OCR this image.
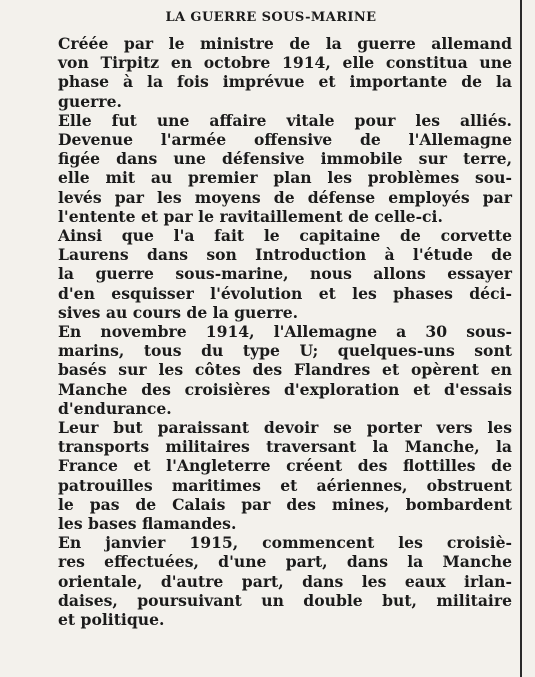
LA GUERRE SOUS-MARINE

Créée par le ministre de la guerre allemand
von Tirpitz en octobre 1914, elle constitua une
phase à la fois imprévue et importante de la
guerre.

Elle fut une affaire vitale pour les alliés.
Devenue l'armée offensive de l'Allemagne
figée dans une défensive immobile sur terre,
elle mit au premier plan les problèmes sou-
levés par les moyens de défense employés par
l'entente et par le ravitaillement de celle-ci.

Ainsi que l'a fait le capitaine de corvette
Laurens dans son Introduction à l'étude de
la guerre sous-marine, nous allons essayer
d'en esquisser l'évolution et les phases déci-
sives au cours de la guerre.

En novembre 1914, l'Allemagne a 30 sous-
marins, tous du type U; quelques-uns sont
basés sur les côtes des Flandres et opèrent en
Manche des croisières d'exploration et d'essais
d'endurance.

Leur but paraissant devoir se porter vers les
transports militaires traversant la Manche, la
France et l'Angleterre créent des flottilles de
patrouilles maritimes et aériennes, obstruent
le pas de Calais par des mines, bombardent
les bases flamandes.

En janvier 1915, commencent les croisiè-
res effectuées, d'une part, dans la Manche
orientale, d'autre part, dans les eaux irlan-
daises, poursuivant un double but, militaire
et politique.
